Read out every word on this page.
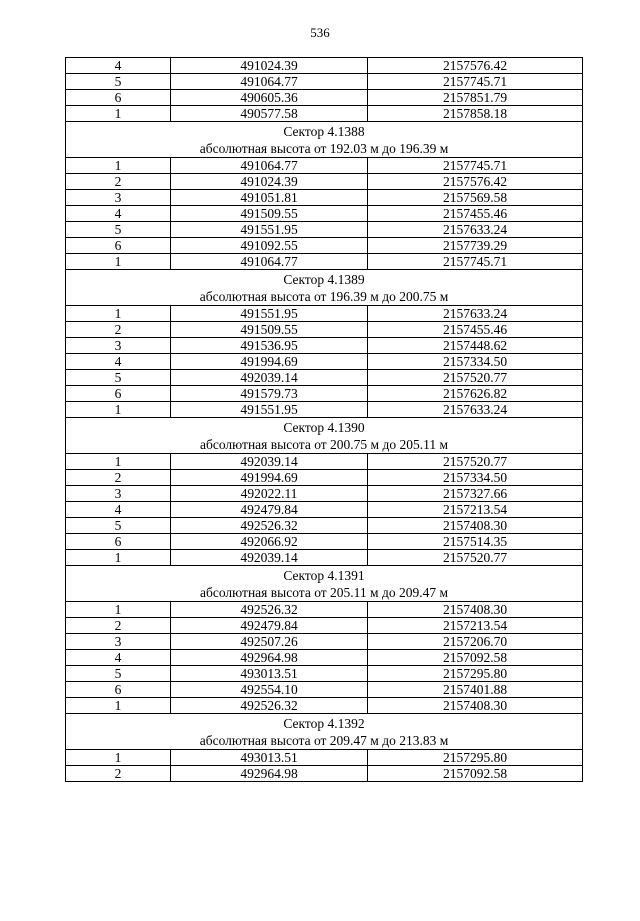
536
4	491024.39	2157576.42
5	491064.77	2157745.71
6	490605.36	2157851.79
1	490577.58	2157858.18

Сектор 4.1388
абсолютная высота от 192.03 м до 196.39 м		

1	491064.77	2157745.71
2	491024.39	2157576.42
3	491051.81	2157569.58
4	491509.55	2157455.46
5	491551.95	2157633.24
6	491092.55	2157739.29
1	491064.77	2157745.71

Сектор 4.1389
абсолютная высота от 196.39 м до 200.75 м		

1	491551.95	2157633.24
2	491509.55	2157455.46
3	491536.95	2157448.62
4	491994.69	2157334.50
5	492039.14	2157520.77
6	491579.73	2157626.82
1	491551.95	2157633.24

Сектор 4.1390
абсолютная высота от 200.75 м до 205.11 м		

1	492039.14	2157520.77
2	491994.69	2157334.50
3	492022.11	2157327.66
4	492479.84	2157213.54
5	492526.32	2157408.30
6	492066.92	2157514.35
1	492039.14	2157520.77

Сектор 4.1391
абсолютная высота от 205.11 м до 209.47 м		

1	492526.32	2157408.30
2	492479.84	2157213.54
3	492507.26	2157206.70
4	492964.98	2157092.58
5	493013.51	2157295.80
6	492554.10	2157401.88
1	492526.32	2157408.30

Сектор 4.1392
абсолютная высота от 209.47 м до 213.83 м		

1	493013.51	2157295.80
2	492964.98	2157092.58
